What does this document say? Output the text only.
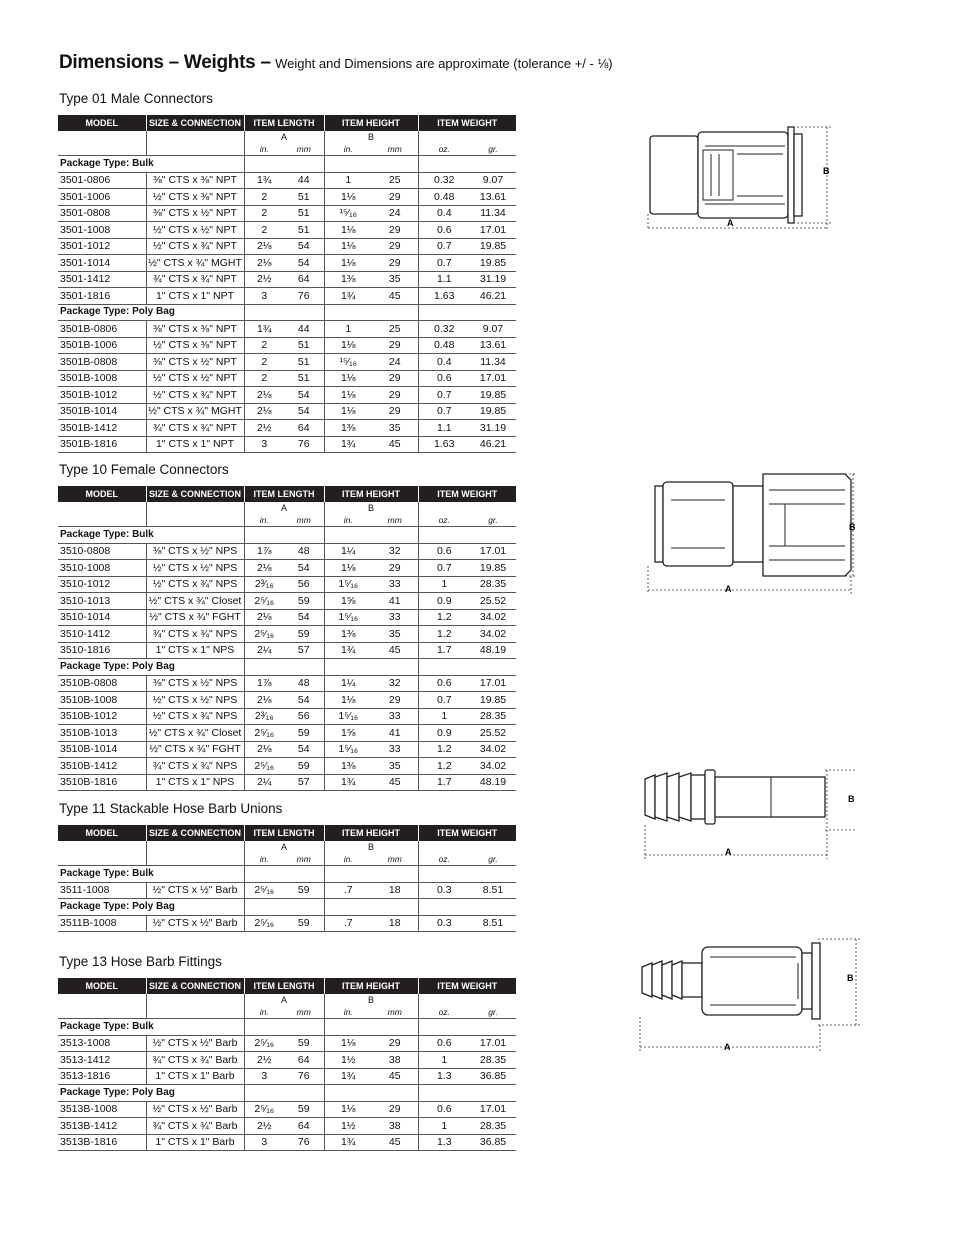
Dimensions – Weights – Weight and Dimensions are approximate (tolerance +/ - ⅛)
Type 01 Male Connectors
MODEL	SIZE & CONNECTION	ITEM LENGTH		ITEM HEIGHT		ITEM WEIGHT	
		A		B			
		in.	mm	in.	mm	oz.	gr.
Package Type: Bulk							
3501-0806	⅜" CTS x ⅜" NPT	1¾	44	1	25	0.32	9.07
3501-1006	½" CTS x ⅜" NPT	2	51	1⅛	29	0.48	13.61
3501-0808	⅜" CTS x ½" NPT	2	51	¹⁵⁄₁₆	24	0.4	11.34
3501-1008	½" CTS x ½" NPT	2	51	1⅛	29	0.6	17.01
3501-1012	½" CTS x ¾" NPT	2⅛	54	1⅛	29	0.7	19.85
3501-1014	½" CTS x ¾" MGHT	2⅛	54	1⅛	29	0.7	19.85
3501-1412	¾" CTS x ¾" NPT	2½	64	1⅜	35	1.1	31.19
3501-1816	1" CTS x 1" NPT	3	76	1¾	45	1.63	46.21
Package Type: Poly Bag							
3501B-0806	⅜" CTS x ⅜" NPT	1¾	44	1	25	0.32	9.07
3501B-1006	½" CTS x ⅜" NPT	2	51	1⅛	29	0.48	13.61
3501B-0808	⅜" CTS x ½" NPT	2	51	¹⁵⁄₁₆	24	0.4	11.34
3501B-1008	½" CTS x ½" NPT	2	51	1⅛	29	0.6	17.01
3501B-1012	½" CTS x ¾" NPT	2⅛	54	1⅛	29	0.7	19.85
3501B-1014	½" CTS x ¾" MGHT	2⅛	54	1⅛	29	0.7	19.85
3501B-1412	¾" CTS x ¾" NPT	2½	64	1⅜	35	1.1	31.19
3501B-1816	1" CTS x 1" NPT	3	76	1¾	45	1.63	46.21
Type 10 Female Connectors
MODEL	SIZE & CONNECTION	ITEM LENGTH		ITEM HEIGHT		ITEM WEIGHT	
		A		B			
		in.	mm	in.	mm	oz.	gr.
Package Type: Bulk							
3510-0808	⅜" CTS x ½" NPS	1⅞	48	1¼	32	0.6	17.01
3510-1008	½" CTS x ½" NPS	2⅛	54	1⅛	29	0.7	19.85
3510-1012	½" CTS x ¾" NPS	2³⁄₁₆	56	1⁵⁄₁₆	33	1	28.35
3510-1013	½" CTS x ¾" Closet	2⁵⁄₁₆	59	1⅝	41	0.9	25.52
3510-1014	½" CTS x ¾" FGHT	2⅛	54	1⁵⁄₁₆	33	1.2	34.02
3510-1412	¾" CTS x ¾" NPS	2⁵⁄₁₆	59	1⅜	35	1.2	34.02
3510-1816	1" CTS x 1" NPS	2¼	57	1¾	45	1.7	48.19
Package Type: Poly Bag							
3510B-0808	⅜" CTS x ½" NPS	1⅞	48	1¼	32	0.6	17.01
3510B-1008	½" CTS x ½" NPS	2⅛	54	1⅛	29	0.7	19.85
3510B-1012	½" CTS x ¾" NPS	2³⁄₁₆	56	1⁵⁄₁₆	33	1	28.35
3510B-1013	½" CTS x ¾" Closet	2⁵⁄₁₆	59	1⅝	41	0.9	25.52
3510B-1014	½" CTS x ¾" FGHT	2⅛	54	1⁵⁄₁₆	33	1.2	34.02
3510B-1412	¾" CTS x ¾" NPS	2⁵⁄₁₆	59	1⅜	35	1.2	34.02
3510B-1816	1" CTS x 1" NPS	2¼	57	1¾	45	1.7	48.19
Type 11 Stackable Hose Barb Unions
MODEL	SIZE & CONNECTION	ITEM LENGTH		ITEM HEIGHT		ITEM WEIGHT	
		A		B			
		in.	mm	in.	mm	oz.	gr.
Package Type: Bulk							
3511-1008	½" CTS x ½" Barb	2⁵⁄₁₆	59	.7	18	0.3	8.51
Package Type: Poly Bag							
3511B-1008	½" CTS x ½" Barb	2⁵⁄₁₆	59	.7	18	0.3	8.51
Type 13 Hose Barb Fittings
MODEL	SIZE & CONNECTION	ITEM LENGTH		ITEM HEIGHT		ITEM WEIGHT	
		A		B			
		in.	mm	in.	mm	oz.	gr.
Package Type: Bulk							
3513-1008	½" CTS x ½" Barb	2⁵⁄₁₆	59	1⅛	29	0.6	17.01
3513-1412	¾" CTS x ¾" Barb	2½	64	1½	38	1	28.35
3513-1816	1" CTS x 1" Barb	3	76	1¾	45	1.3	36.85
Package Type: Poly Bag							
3513B-1008	½" CTS x ½" Barb	2⁵⁄₁₆	59	1⅛	29	0.6	17.01
3513B-1412	¾" CTS x ¾" Barb	2½	64	1½	38	1	28.35
3513B-1816	1" CTS x 1" Barb	3	76	1¾	45	1.3	36.85
B
A
B
A
B
A
B
A
